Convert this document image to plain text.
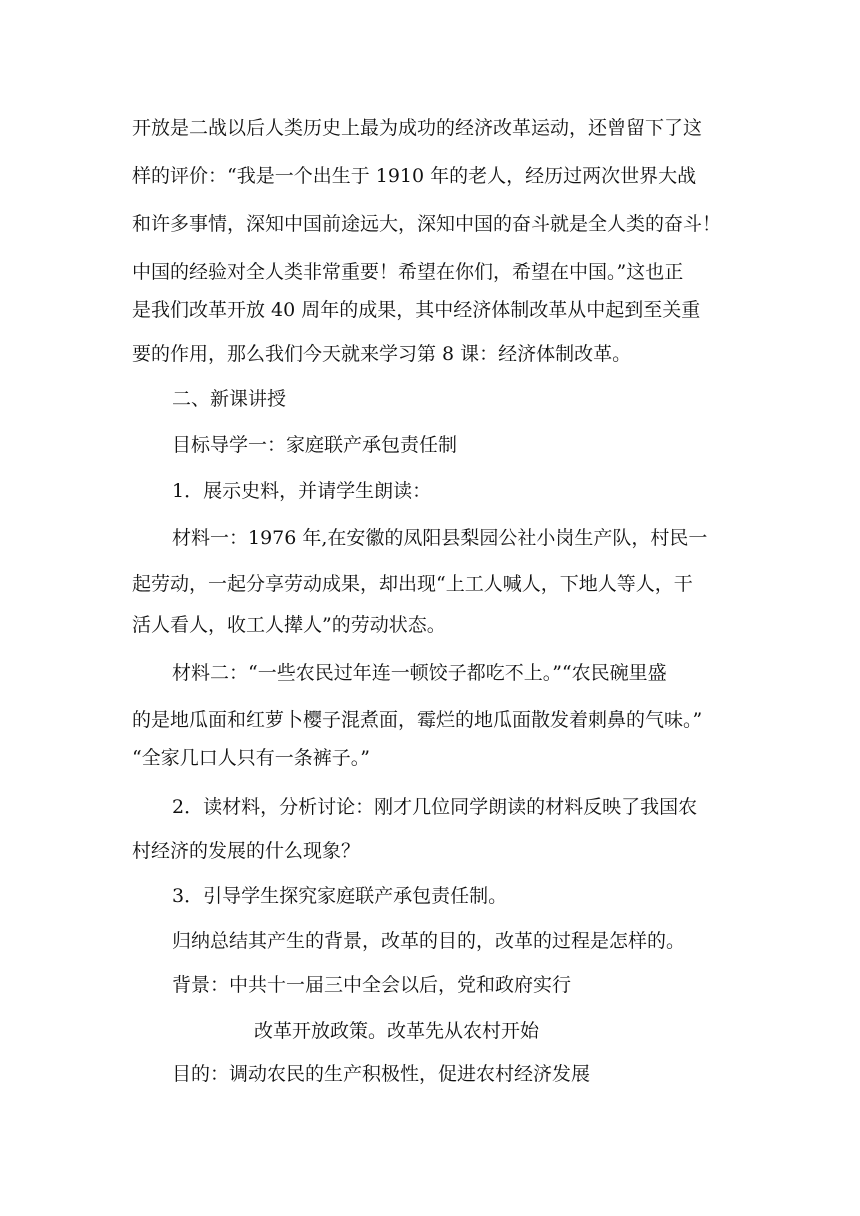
开放是二战以后人类历史上最为成功的经济改革运动，还曾留下了这
样的评价：“我是一个出生于 1910 年的老人，经历过两次世界大战
和许多事情，深知中国前途远大，深知中国的奋斗就是全人类的奋斗！
中国的经验对全人类非常重要！希望在你们，希望在中国。”这也正
是我们改革开放 40 周年的成果，其中经济体制改革从中起到至关重
要的作用，那么我们今天就来学习第 8 课：经济体制改革。
二、新课讲授
目标导学一：家庭联产承包责任制
1．展示史料，并请学生朗读：
材料一：1976 年,在安徽的凤阳县梨园公社小岗生产队，村民一
起劳动，一起分享劳动成果，却出现“上工人喊人，下地人等人，干
活人看人，收工人撵人”的劳动状态。
材料二：“一些农民过年连一顿饺子都吃不上。”“农民碗里盛
的是地瓜面和红萝卜樱子混煮面，霉烂的地瓜面散发着刺鼻的气味。”
“全家几口人只有一条裤子。”
2．读材料，分析讨论：刚才几位同学朗读的材料反映了我国农
村经济的发展的什么现象？
3．引导学生探究家庭联产承包责任制。
归纳总结其产生的背景，改革的目的，改革的过程是怎样的。
背景：中共十一届三中全会以后，党和政府实行
改革开放政策。改革先从农村开始
目的：调动农民的生产积极性，促进农村经济发展
